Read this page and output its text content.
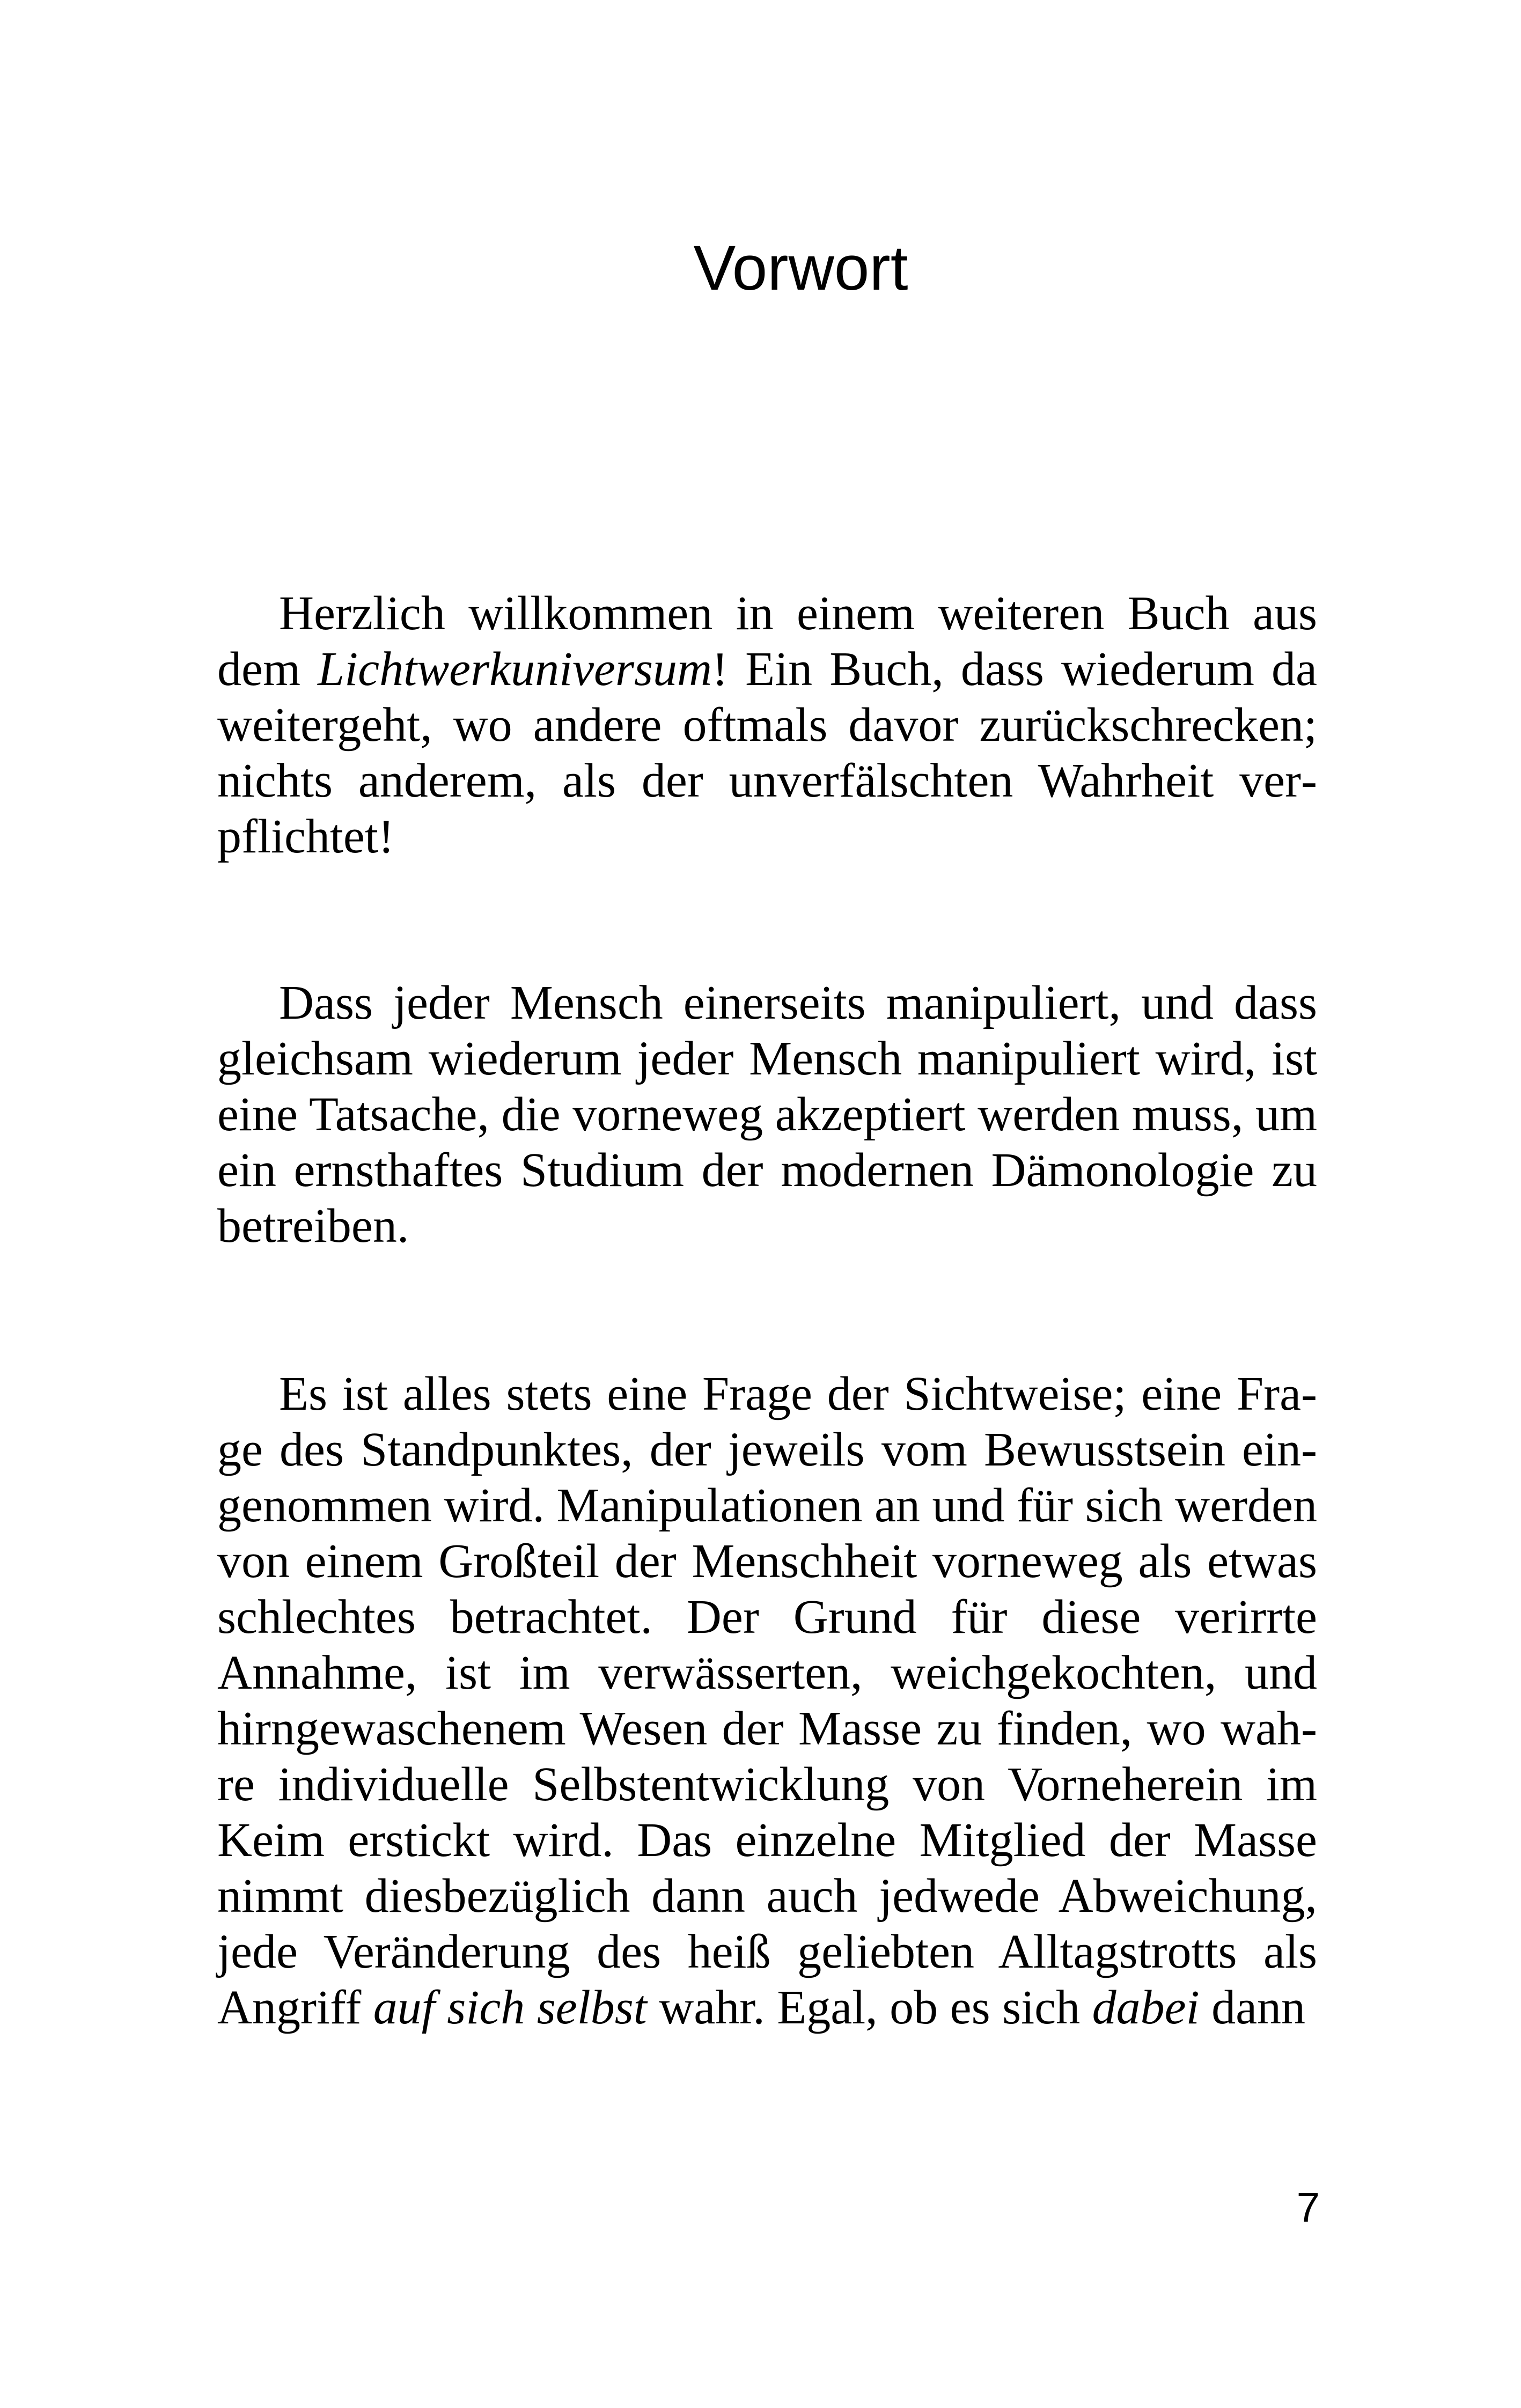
Vorwort

Herzlich willkommen in einem weiteren Buch aus dem Lichtwerkuniversum! Ein Buch, dass wiederum da weitergeht, wo andere oftmals davor zurückschrecken; nichts anderem, als der unverfälschten Wahrheit verpflichtet!

Dass jeder Mensch einerseits manipuliert, und dass gleichsam wiederum jeder Mensch manipuliert wird, ist eine Tatsache, die vorneweg akzeptiert werden muss, um ein ernsthaftes Studium der modernen Dämonologie zu betreiben.

Es ist alles stets eine Frage der Sichtweise; eine Frage des Standpunktes, der jeweils vom Bewusstsein eingenommen wird. Manipulationen an und für sich werden von einem Großteil der Menschheit vorneweg als etwas schlechtes betrachtet. Der Grund für diese verirrte Annahme, ist im verwässerten, weichgekochten, und hirngewaschenem Wesen der Masse zu finden, wo wahre individuelle Selbstentwicklung von Vorneherein im Keim erstickt wird. Das einzelne Mitglied der Masse nimmt diesbezüglich dann auch jedwede Abweichung, jede Veränderung des heiß geliebten Alltagstrotts als Angriff auf sich selbst wahr. Egal, ob es sich dabei dann

7
